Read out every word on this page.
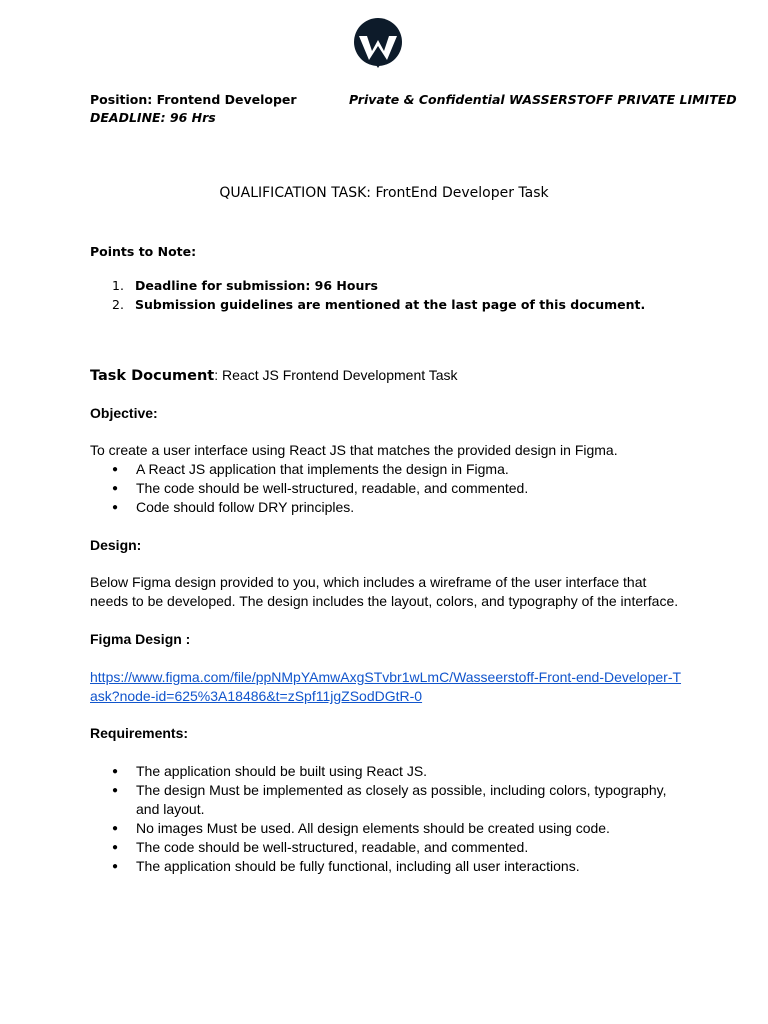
Position: Frontend Developer
DEADLINE: 96 Hrs
Private & Confidential WASSERSTOFF PRIVATE LIMITED
QUALIFICATION TASK: FrontEnd Developer Task
Points to Note:
1. Deadline for submission: 96 Hours
2. Submission guidelines are mentioned at the last page of this document.
Task Document: React JS Frontend Development Task
Objective:
To create a user interface using React JS that matches the provided design in Figma.
● A React JS application that implements the design in Figma.
● The code should be well-structured, readable, and commented.
● Code should follow DRY principles.
Design:
Below Figma design provided to you, which includes a wireframe of the user interface that
needs to be developed. The design includes the layout, colors, and typography of the interface.
Figma Design :
https://www.figma.com/file/ppNMpYAmwAxgSTvbr1wLmC/Wasseerstoff-Front-end-Developer-T
ask?node-id=625%3A18486&t=zSpf11jgZSodDGtR-0
Requirements:
● The application should be built using React JS.
● The design Must be implemented as closely as possible, including colors, typography, and layout.
● No images Must be used. All design elements should be created using code.
● The code should be well-structured, readable, and commented.
● The application should be fully functional, including all user interactions.
